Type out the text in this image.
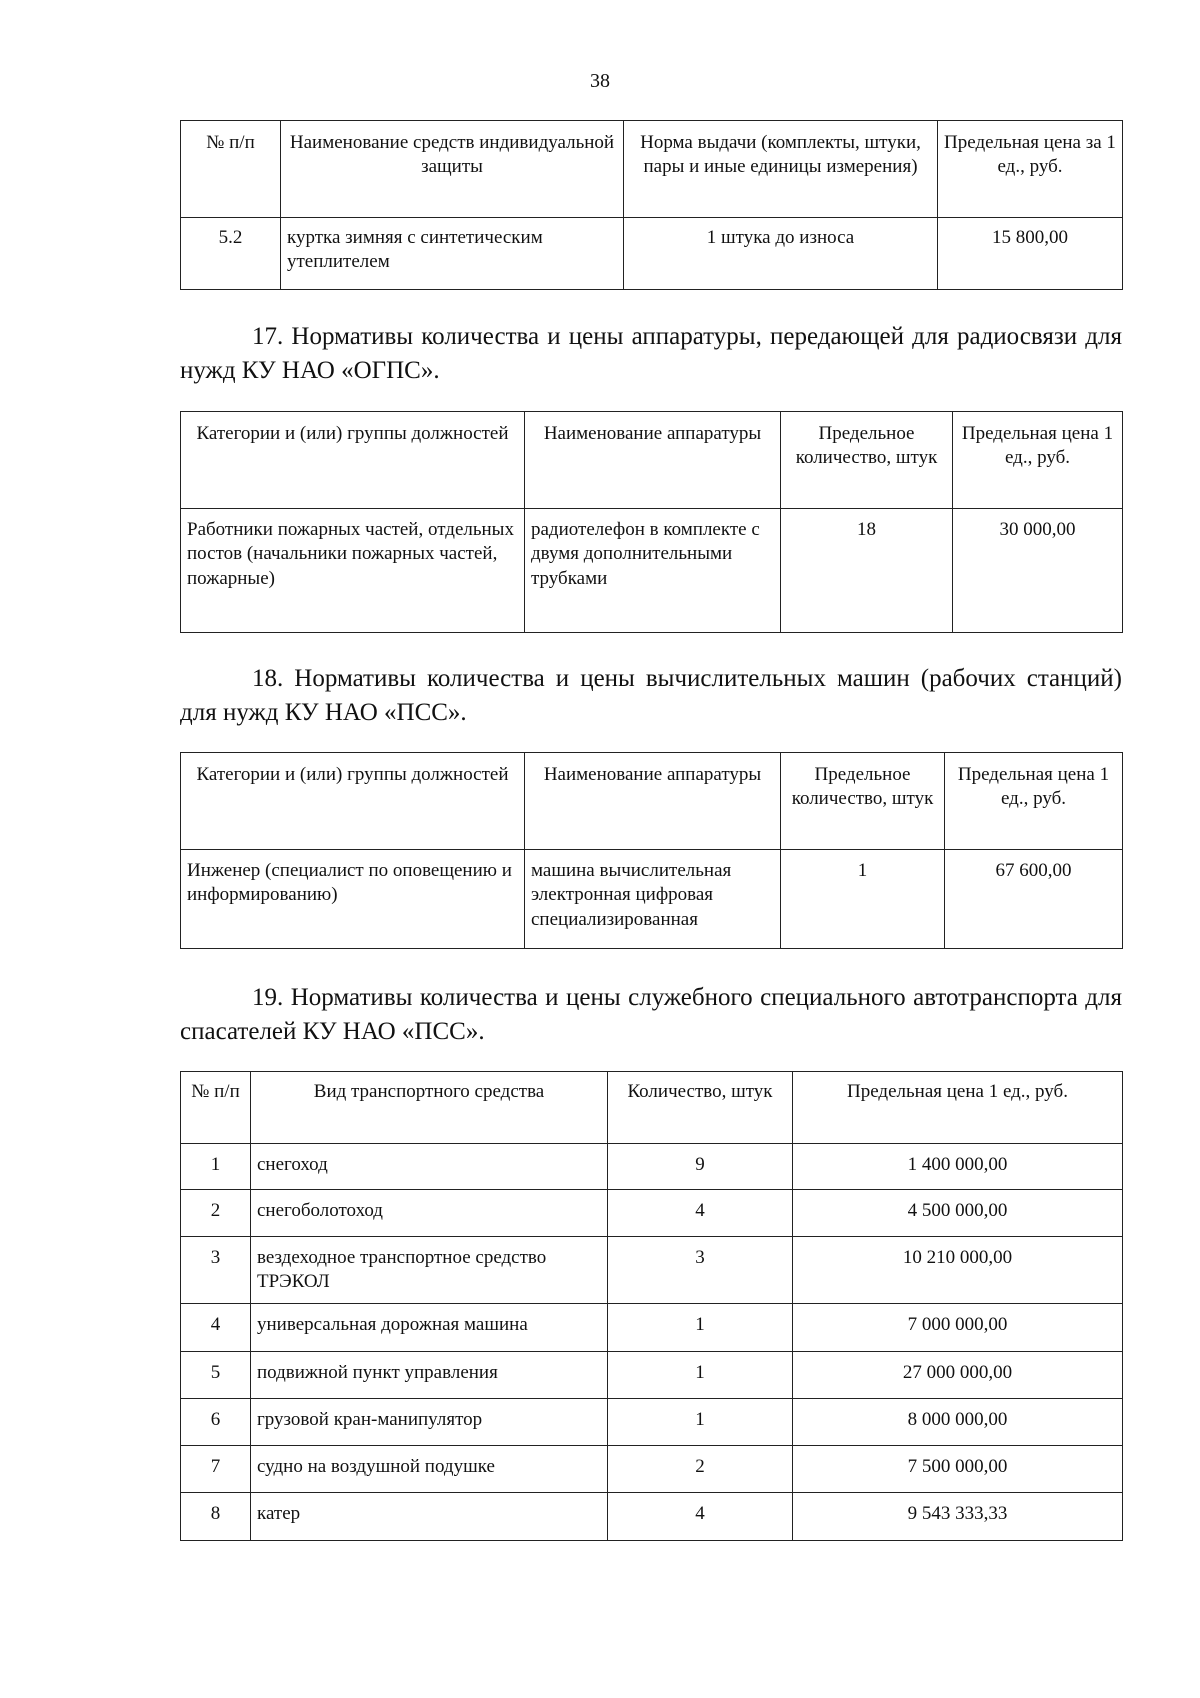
38
№ п/п	Наименование средств индивидуальной защиты	Норма выдачи (комплекты, штуки, пары и иные единицы измерения)	Предельная цена за 1 ед., руб.
5.2	куртка зимняя с синтетическим утеплителем	1 штука до износа	15 800,00
17. Нормативы количества и цены аппаратуры, передающей для радиосвязи для нужд КУ НАО «ОГПС».
Категории и (или) группы должностей	Наименование аппаратуры	Предельное количество, штук	Предельная цена 1 ед., руб.
Работники пожарных частей, отдельных постов (начальники пожарных частей, пожарные)	радиотелефон в комплекте с двумя дополнительными трубками	18	30 000,00
18. Нормативы количества и цены вычислительных машин (рабочих станций) для нужд КУ НАО «ПСС».
Категории и (или) группы должностей	Наименование аппаратуры	Предельное количество, штук	Предельная цена 1 ед., руб.
Инженер (специалист по оповещению и информированию)	машина вычислительная электронная цифровая специализированная	1	67 600,00
19. Нормативы количества и цены служебного специального автотранспорта для спасателей КУ НАО «ПСС».
№ п/п	Вид транспортного средства	Количество, штук	Предельная цена 1 ед., руб.
1	снегоход	9	1 400 000,00
2	снегоболотоход	4	4 500 000,00
3	вездеходное транспортное средство ТРЭКОЛ	3	10 210 000,00
4	универсальная дорожная машина	1	7 000 000,00
5	подвижной пункт управления	1	27 000 000,00
6	грузовой кран-манипулятор	1	8 000 000,00
7	судно на воздушной подушке	2	7 500 000,00
8	катер	4	9 543 333,33
